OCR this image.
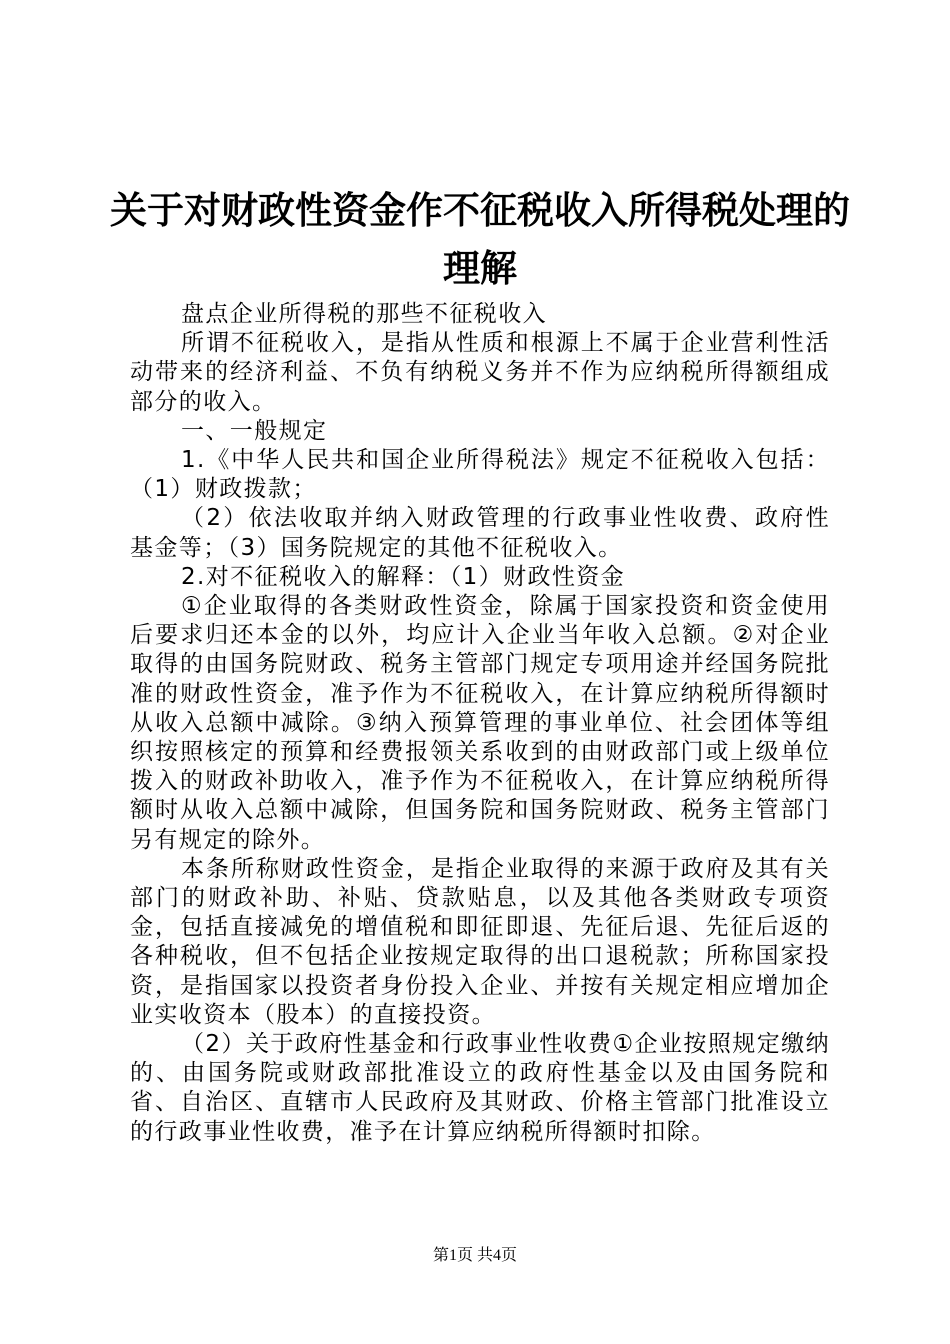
关于对财政性资金作不征税收入所得税处理的
理解

盘点企业所得税的那些不征税收入

所谓不征税收入，是指从性质和根源上不属于企业营利性活动带来的经济利益、不负有纳税义务并不作为应纳税所得额组成部分的收入。

一、一般规定

1.《中华人民共和国企业所得税法》规定不征税收入包括：（1）财政拨款；

（2）依法收取并纳入财政管理的行政事业性收费、政府性基金等；（3）国务院规定的其他不征税收入。

2.对不征税收入的解释：（1）财政性资金

①企业取得的各类财政性资金，除属于国家投资和资金使用后要求归还本金的以外，均应计入企业当年收入总额。②对企业取得的由国务院财政、税务主管部门规定专项用途并经国务院批准的财政性资金，准予作为不征税收入，在计算应纳税所得额时从收入总额中减除。③纳入预算管理的事业单位、社会团体等组织按照核定的预算和经费报领关系收到的由财政部门或上级单位拨入的财政补助收入，准予作为不征税收入，在计算应纳税所得额时从收入总额中减除，但国务院和国务院财政、税务主管部门另有规定的除外。

本条所称财政性资金，是指企业取得的来源于政府及其有关部门的财政补助、补贴、贷款贴息，以及其他各类财政专项资金，包括直接减免的增值税和即征即退、先征后退、先征后返的各种税收，但不包括企业按规定取得的出口退税款；所称国家投资，是指国家以投资者身份投入企业、并按有关规定相应增加企业实收资本（股本）的直接投资。

（2）关于政府性基金和行政事业性收费①企业按照规定缴纳的、由国务院或财政部批准设立的政府性基金以及由国务院和省、自治区、直辖市人民政府及其财政、价格主管部门批准设立的行政事业性收费，准予在计算应纳税所得额时扣除。

第1页 共4页
